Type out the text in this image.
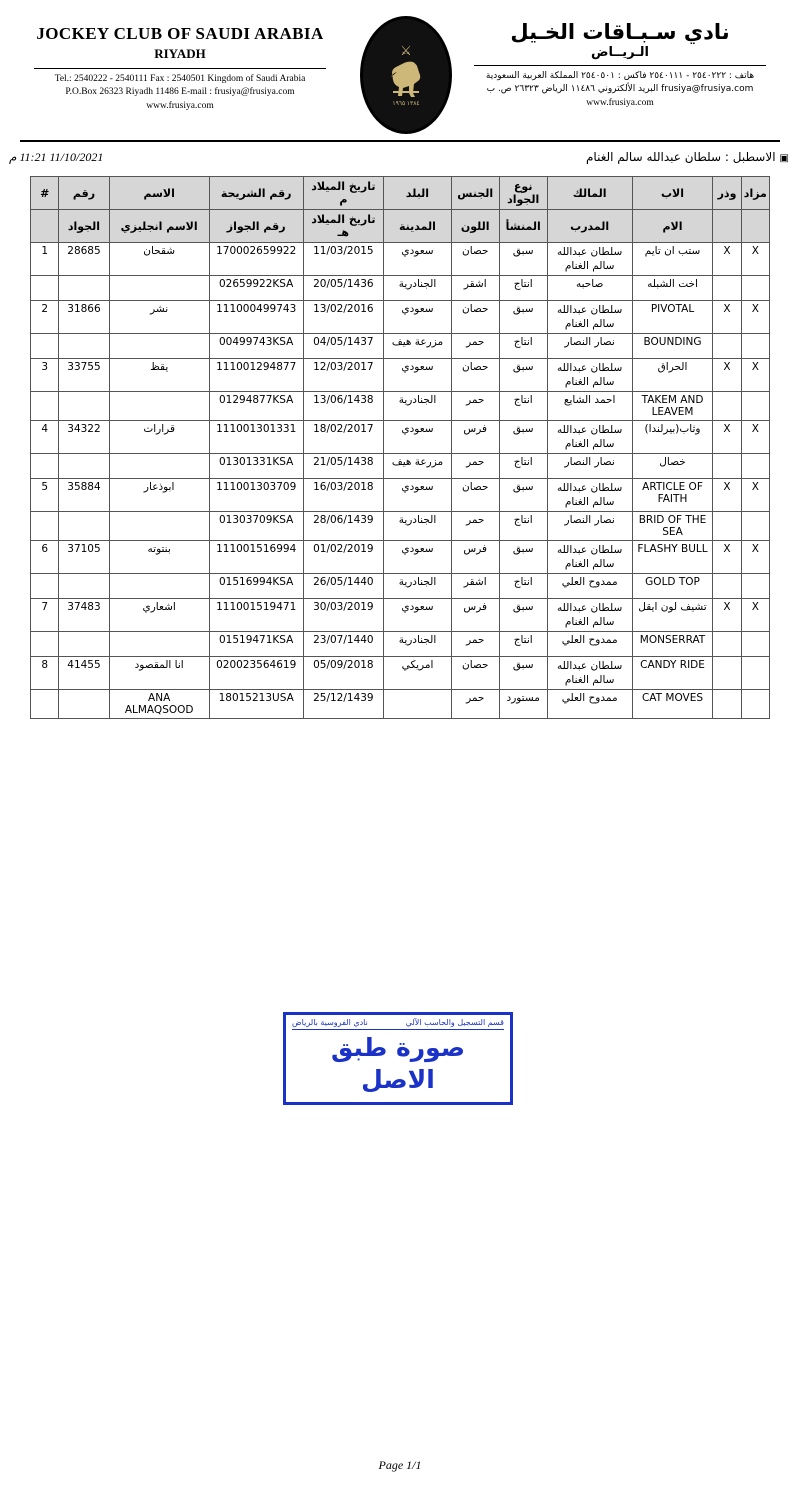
JOCKEY CLUB OF SAUDI ARABIA
RIYADH
Tel.: 2540222 - 2540111 Fax : 2540501 Kingdom of Saudi Arabia
P.O.Box 26323 Riyadh 11486 E-mail : frusiya@frusiya.com
www.frusiya.com
⚔
١٣٨٤ ١٩٦٥
نادي سـبـاقات الخـيل
الـريــاض
هاتف : ٢٥٤٠٢٢٢ - ٢٥٤٠١١١ فاكس : ٢٥٤٠٥٠١ المملكة العربية السعودية
frusiya@frusiya.com البريد الألكتروني ١١٤٨٦ الرياض ٢٦٣٢٣ ص. ب
www.frusiya.com
▣الاسطبل : سلطان عبدالله سالم الغنام
11/10/2021 11:21 م
مزاد	وذر	الاب	المالك	نوع الجواد	الجنس	البلد	تاريخ الميلاد م	رقم الشريحة	الاسم	رقم	#
		الام	المدرب	المنشأ	اللون	المدينة	تاريخ الميلاد هـ	رقم الجواز	الاسم انجليزي	الجواد	
X	X	ستب ان تايم	سلطان عبدالله سالم الغنام	سبق	حصان	سعودي	11/03/2015	170002659922	شقحان	28685	1
		اخت الشبله	صاحبه	انتاج	اشقر	الجنادرية	20/05/1436	02659922KSA			
X	X	PIVOTAL	سلطان عبدالله سالم الغنام	سبق	حصان	سعودي	13/02/2016	111000499743	نشر	31866	2
		BOUNDING	نصار النصار	انتاج	حمر	مزرعة هيف	04/05/1437	00499743KSA			
X	X	الحراق	سلطان عبدالله سالم الغنام	سبق	حصان	سعودي	12/03/2017	111001294877	يقظ	33755	3
		TAKEM AND LEAVEM	احمد الشايع	انتاج	حمر	الجنادرية	13/06/1438	01294877KSA			
X	X	وثاب(بيرلندا)	سلطان عبدالله سالم الغنام	سبق	فرس	سعودي	18/02/2017	111001301331	قرارات	34322	4
		خصال	نصار النصار	انتاج	حمر	مزرعة هيف	21/05/1438	01301331KSA			
X	X	ARTICLE OF FAITH	سلطان عبدالله سالم الغنام	سبق	حصان	سعودي	16/03/2018	111001303709	ابوذعار	35884	5
		BRID OF THE SEA	نصار النصار	انتاج	حمر	الجنادرية	28/06/1439	01303709KSA			
X	X	FLASHY BULL	سلطان عبدالله سالم الغنام	سبق	فرس	سعودي	01/02/2019	111001516994	بنتوته	37105	6
		GOLD TOP	ممدوح العلي	انتاج	اشقر	الجنادرية	26/05/1440	01516994KSA			
X	X	تشيف لون ايقل	سلطان عبدالله سالم الغنام	سبق	فرس	سعودي	30/03/2019	111001519471	اشعاري	37483	7
		MONSERRAT	ممدوح العلي	انتاج	حمر	الجنادرية	23/07/1440	01519471KSA			
		CANDY RIDE	سلطان عبدالله سالم الغنام	سبق	حصان	امريكي	05/09/2018	020023564619	انا المقصود	41455	8
		CAT MOVES	ممدوح العلي	مستورد	حمر		25/12/1439	18015213USA	ANA ALMAQSOOD		
قسم التسجيل والحاسب الآلي
نادي الفروسية بالرياض
صورة طبق الاصل
Page 1/1
